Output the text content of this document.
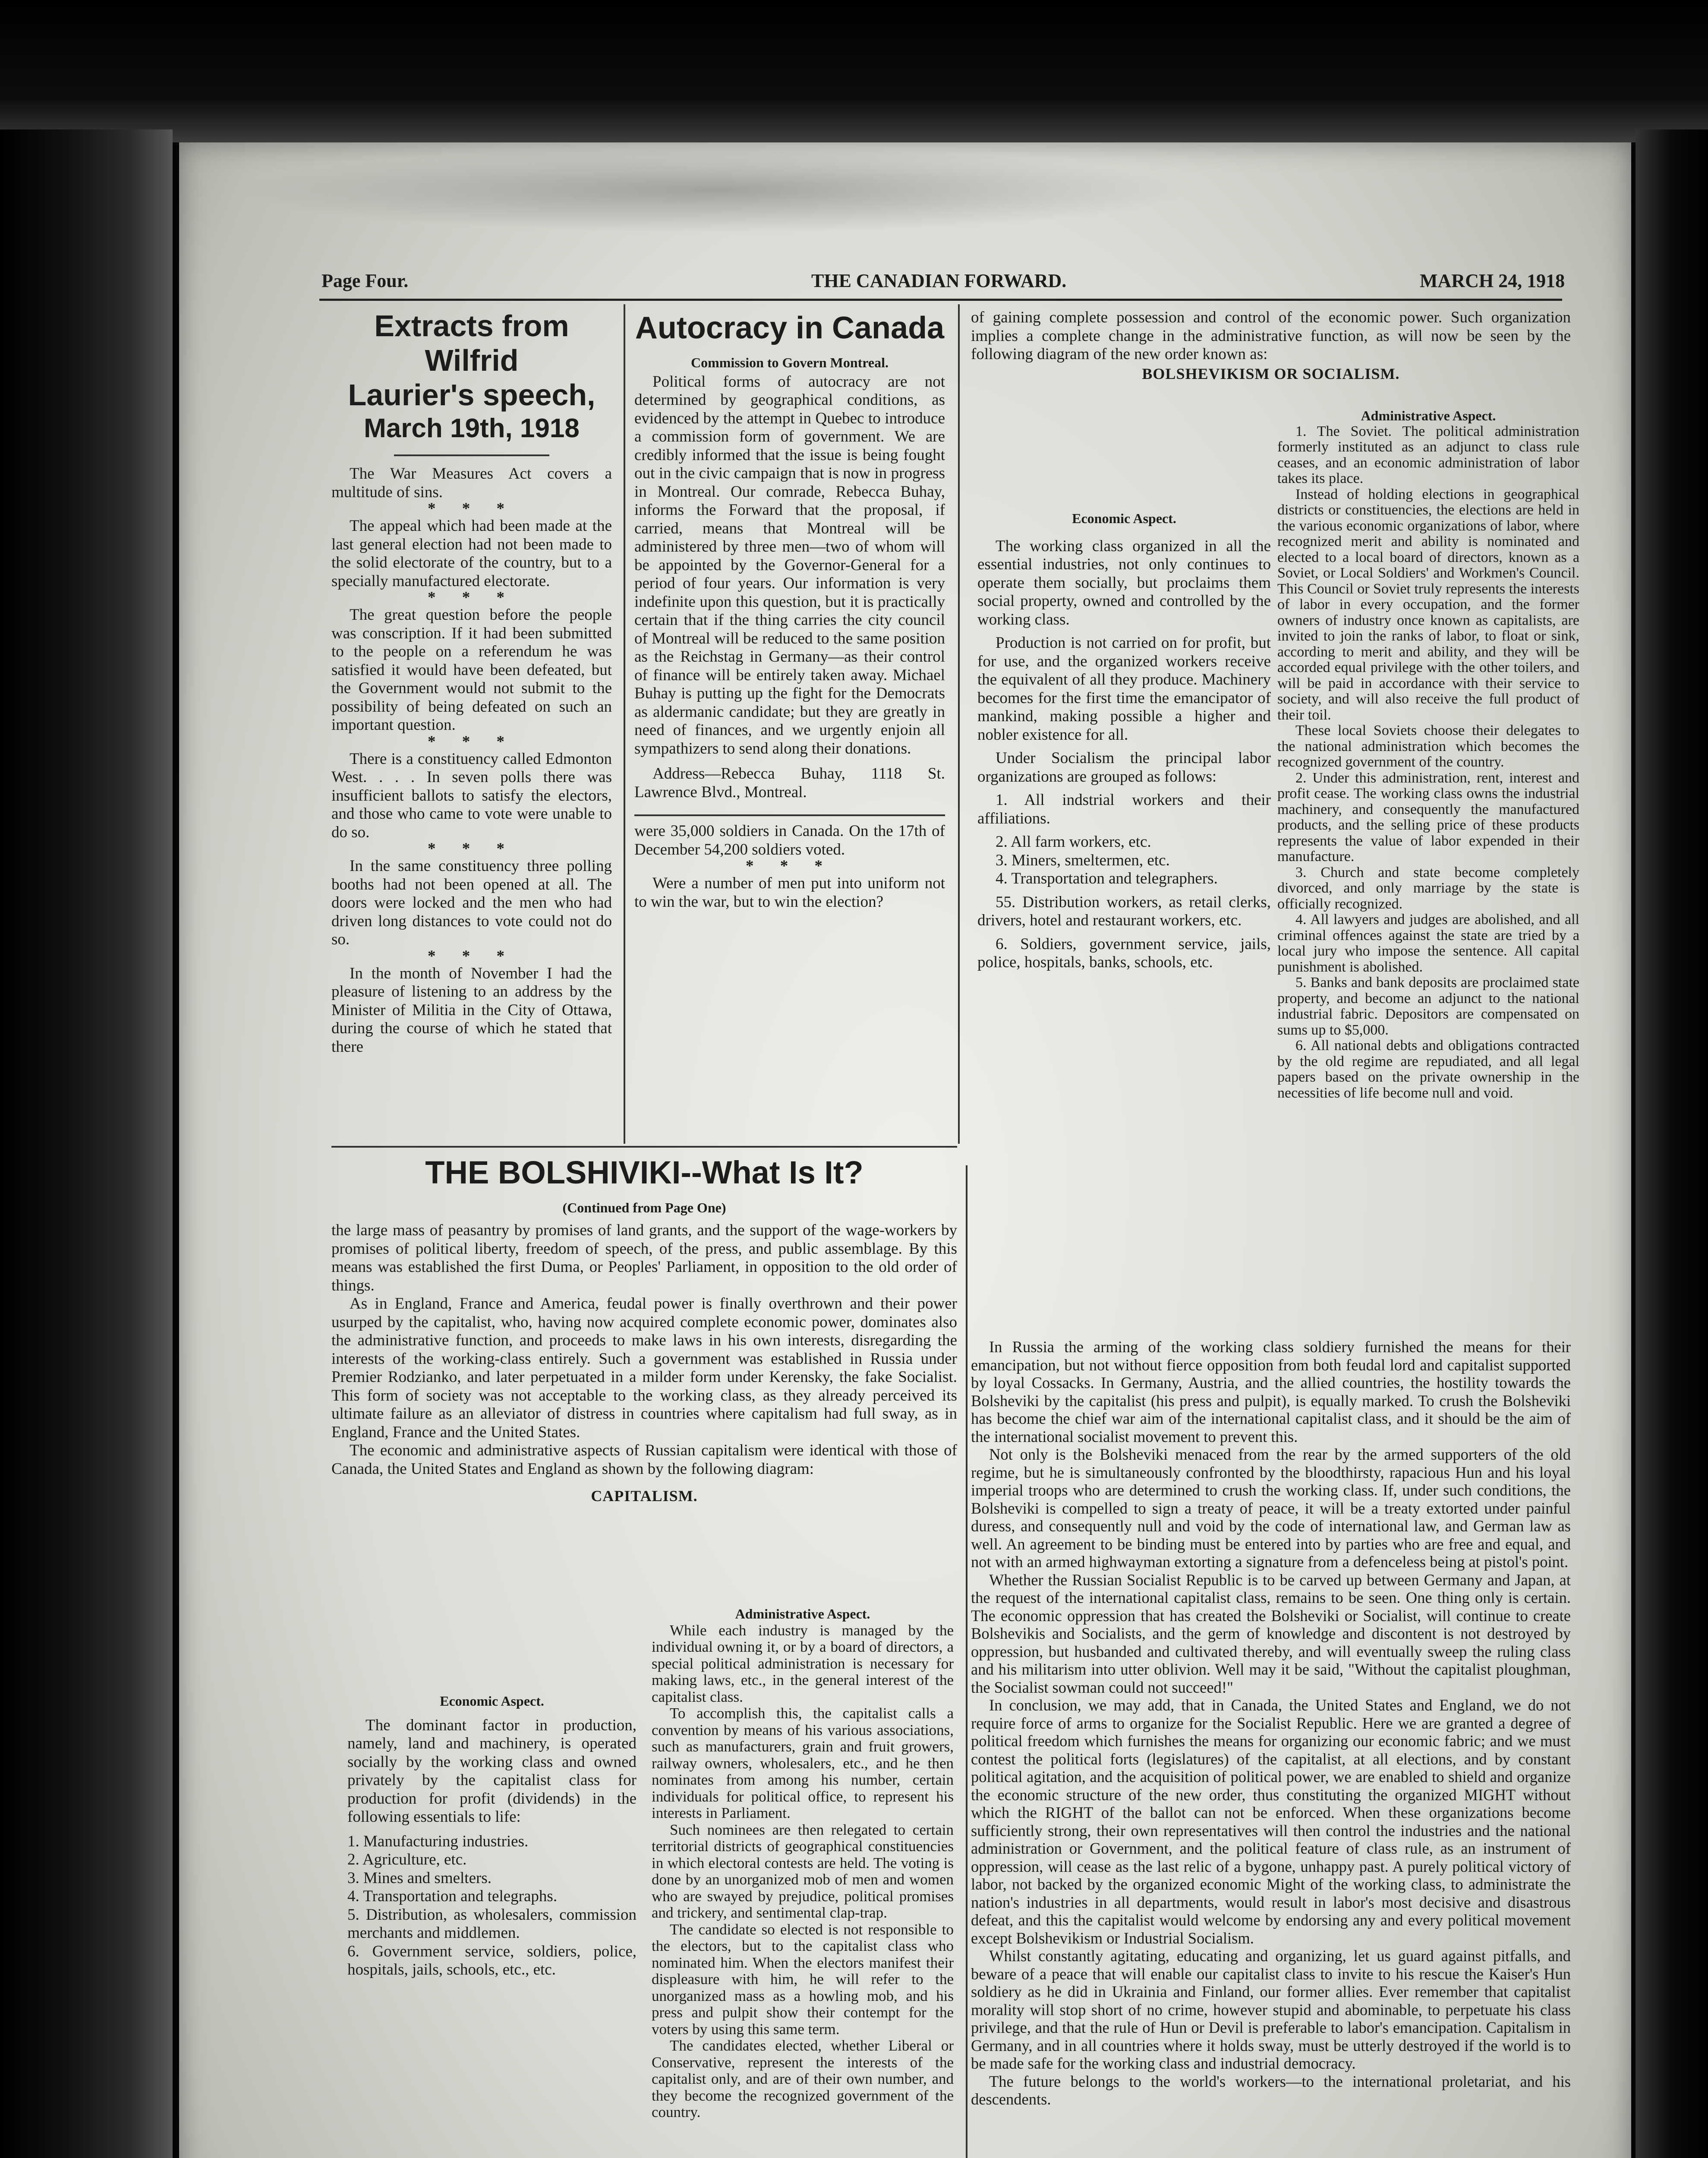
Page Four.	THE CANADIAN FORWARD.	MARCH 24, 1918
Extracts from Wilfrid
Laurier's speech,
March 19th, 1918

The War Measures Act covers a multitude of sins.

* * *

The appeal which had been made at the last general election had not been made to the solid electorate of the country, but to a specially manufactured electorate.

* * *

The great question before the people was conscription. If it had been submitted to the people on a referendum he was satisfied it would have been defeated, but the Government would not submit to the possibility of being defeated on such an important question.

* * *

There is a constituency called Edmonton West. . . . In seven polls there was insufficient ballots to satisfy the electors, and those who came to vote were unable to do so.

* * *

In the same constituency three polling booths had not been opened at all. The doors were locked and the men who had driven long distances to vote could not do so.

* * *

In the month of November I had the pleasure of listening to an address by the Minister of Militia in the City of Ottawa, during the course of which he stated that there

Autocracy in Canada
Commission to Govern Montreal.

Political forms of autocracy are not determined by geographical conditions, as evidenced by the attempt in Quebec to introduce a commission form of government. We are credibly informed that the issue is being fought out in the civic campaign that is now in progress in Montreal. Our comrade, Rebecca Buhay, informs the Forward that the proposal, if carried, means that Montreal will be administered by three men—two of whom will be appointed by the Governor-General for a period of four years. Our information is very indefinite upon this question, but it is practically certain that if the thing carries the city council of Montreal will be reduced to the same position as the Reichstag in Germany—as their control of finance will be entirely taken away. Michael Buhay is putting up the fight for the Democrats as aldermanic candidate; but they are greatly in need of finances, and we urgently enjoin all sympathizers to send along their donations.

Address—Rebecca Buhay, 1118 St. Lawrence Blvd., Montreal.

were 35,000 soldiers in Canada. On the 17th of December 54,200 soldiers voted.

* * *

Were a number of men put into uniform not to win the war, but to win the election?

THE BOLSHIVIKI--What Is It?
(Continued from Page One)

the large mass of peasantry by promises of land grants, and the support of the wage-workers by promises of political liberty, freedom of speech, of the press, and public assemblage. By this means was established the first Duma, or Peoples' Parliament, in opposition to the old order of things.

As in England, France and America, feudal power is finally overthrown and their power usurped by the capitalist, who, having now acquired complete economic power, dominates also the administrative function, and proceeds to make laws in his own interests, disregarding the interests of the working-class entirely. Such a government was established in Russia under Premier Rodzianko, and later perpetuated in a milder form under Kerensky, the fake Socialist. This form of society was not acceptable to the working class, as they already perceived its ultimate failure as an alleviator of distress in countries where capitalism had full sway, as in England, France and the United States.

The economic and administrative aspects of Russian capitalism were identical with those of Canada, the United States and England as shown by the following diagram:

CAPITALISM.
Economic Aspect.

The dominant factor in production, namely, land and machinery, is operated socially by the working class and owned privately by the capitalist class for production for profit (dividends) in the following essentials to life:

1. Manufacturing industries.

2. Agriculture, etc.

3. Mines and smelters.

4. Transportation and telegraphs.

5. Distribution, as wholesalers, commission merchants and middlemen.

6. Government service, soldiers, police, hospitals, jails, schools, etc., etc.

Administrative Aspect.

While each industry is managed by the individual owning it, or by a board of directors, a special political administration is necessary for making laws, etc., in the general interest of the capitalist class.

To accomplish this, the capitalist calls a convention by means of his various associations, such as manufacturers, grain and fruit growers, railway owners, wholesalers, etc., and he then nominates from among his number, certain individuals for political office, to represent his interests in Parliament.

Such nominees are then relegated to certain territorial districts of geographical constituencies in which electoral contests are held. The voting is done by an unorganized mob of men and women who are swayed by prejudice, political promises and trickery, and sentimental clap-trap.

The candidate so elected is not responsible to the electors, but to the capitalist class who nominated him. When the electors manifest their displeasure with him, he will refer to the unorganized mass as a howling mob, and his press and pulpit show their contempt for the voters by using this same term.

The candidates elected, whether Liberal or Conservative, represent the interests of the capitalist only, and are of their own number, and they become the recognized government of the country.

of gaining complete possession and control of the economic power. Such organization implies a complete change in the administrative function, as will now be seen by the following diagram of the new order known as:

BOLSHEVIKISM OR SOCIALISM.
Economic Aspect.

The working class organized in all the essential industries, not only continues to operate them socially, but proclaims them social property, owned and controlled by the working class.

Production is not carried on for profit, but for use, and the organized workers receive the equivalent of all they produce. Machinery becomes for the first time the emancipator of mankind, making possible a higher and nobler existence for all.

Under Socialism the principal labor organizations are grouped as follows:

1. All indstrial workers and their affiliations.

2. All farm workers, etc.

3. Miners, smeltermen, etc.

4. Transportation and telegraphers.

55. Distribution workers, as retail clerks, drivers, hotel and restaurant workers, etc.

6. Soldiers, government service, jails, police, hospitals, banks, schools, etc.

Administrative Aspect.

1. The Soviet. The political administration formerly instituted as an adjunct to class rule ceases, and an economic administration of labor takes its place.

Instead of holding elections in geographical districts or constituencies, the elections are held in the various economic organizations of labor, where recognized merit and ability is nominated and elected to a local board of directors, known as a Soviet, or Local Soldiers' and Workmen's Council. This Council or Soviet truly represents the interests of labor in every occupation, and the former owners of industry once known as capitalists, are invited to join the ranks of labor, to float or sink, according to merit and ability, and they will be accorded equal privilege with the other toilers, and will be paid in accordance with their service to society, and will also receive the full product of their toil.

These local Soviets choose their delegates to the national administration which becomes the recognized government of the country.

2. Under this administration, rent, interest and profit cease. The working class owns the industrial machinery, and consequently the manufactured products, and the selling price of these products represents the value of labor expended in their manufacture.

3. Church and state become completely divorced, and only marriage by the state is officially recognized.

4. All lawyers and judges are abolished, and all criminal offences against the state are tried by a local jury who impose the sentence. All capital punishment is abolished.

5. Banks and bank deposits are proclaimed state property, and become an adjunct to the national industrial fabric. Depositors are compensated on sums up to $5,000.

6. All national debts and obligations contracted by the old regime are repudiated, and all legal papers based on the private ownership in the necessities of life become null and void.

In Russia the arming of the working class soldiery furnished the means for their emancipation, but not without fierce opposition from both feudal lord and capitalist supported by loyal Cossacks. In Germany, Austria, and the allied countries, the hostility towards the Bolsheviki by the capitalist (his press and pulpit), is equally marked. To crush the Bolsheviki has become the chief war aim of the international capitalist class, and it should be the aim of the international socialist movement to prevent this.

Not only is the Bolsheviki menaced from the rear by the armed supporters of the old regime, but he is simultaneously confronted by the bloodthirsty, rapacious Hun and his loyal imperial troops who are determined to crush the working class. If, under such conditions, the Bolsheviki is compelled to sign a treaty of peace, it will be a treaty extorted under painful duress, and consequently null and void by the code of international law, and German law as well. An agreement to be binding must be entered into by parties who are free and equal, and not with an armed highwayman extorting a signature from a defenceless being at pistol's point.

Whether the Russian Socialist Republic is to be carved up between Germany and Japan, at the request of the international capitalist class, remains to be seen. One thing only is certain. The economic oppression that has created the Bolsheviki or Socialist, will continue to create Bolshevikis and Socialists, and the germ of knowledge and discontent is not destroyed by oppression, but husbanded and cultivated thereby, and will eventually sweep the ruling class and his militarism into utter oblivion. Well may it be said, "Without the capitalist ploughman, the Socialist sowman could not succeed!"

In conclusion, we may add, that in Canada, the United States and England, we do not require force of arms to organize for the Socialist Republic. Here we are granted a degree of political freedom which furnishes the means for organizing our economic fabric; and we must contest the political forts (legislatures) of the capitalist, at all elections, and by constant political agitation, and the acquisition of political power, we are enabled to shield and organize the economic structure of the new order, thus constituting the organized MIGHT without which the RIGHT of the ballot can not be enforced. When these organizations become sufficiently strong, their own representatives will then control the industries and the national administration or Government, and the political feature of class rule, as an instrument of oppression, will cease as the last relic of a bygone, unhappy past. A purely political victory of labor, not backed by the organized economic Might of the working class, to administrate the nation's industries in all departments, would result in labor's most decisive and disastrous defeat, and this the capitalist would welcome by endorsing any and every political movement except Bolshevikism or Industrial Socialism.

Whilst constantly agitating, educating and organizing, let us guard against pitfalls, and beware of a peace that will enable our capitalist class to invite to his rescue the Kaiser's Hun soldiery as he did in Ukrainia and Finland, our former allies. Ever remember that capitalist morality will stop short of no crime, however stupid and abominable, to perpetuate his class privilege, and that the rule of Hun or Devil is preferable to labor's emancipation. Capitalism in Germany, and in all countries where it holds sway, must be utterly destroyed if the world is to be made safe for the working class and industrial democracy.

The future belongs to the world's workers—to the international proletariat, and his descendents.
